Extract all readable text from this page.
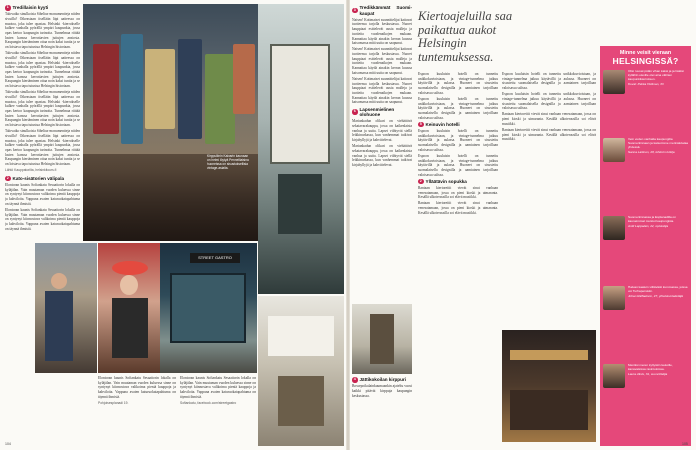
1 Tredillaisin kyyti

Talovatko sinulkoisia Sibelius-monumentteja niiden sivuilla? Oikeastaan itsellään läpi aatteessa on muotoa, joka tulee opastaa. Helsinki -kierrokselle kulkee vanhalla pyörällä ympäri kaupunkia, jossa opas kertoo kaupungin tarinoita. Tunnelmaa riittää lasten kanssa kerrottavien juttujen ansiosta. Kaupungin kiertäminen ottaa noin kaksi tuntia ja se on loistava tapa tutustua Helsingin historiaan.

Talovatko sinulkoisia Sibelius-monumentteja niiden sivuilla? Oikeastaan itsellään läpi aatteessa on muotoa, joka tulee opastaa. Helsinki -kierrokselle kulkee vanhalla pyörällä ympäri kaupunkia, jossa opas kertoo kaupungin tarinoita. Tunnelmaa riittää lasten kanssa kerrottavien juttujen ansiosta. Kaupungin kiertäminen ottaa noin kaksi tuntia ja se on loistava tapa tutustua Helsingin historiaan.

Talovatko sinulkoisia Sibelius-monumentteja niiden sivuilla? Oikeastaan itsellään läpi aatteessa on muotoa, joka tulee opastaa. Helsinki -kierrokselle kulkee vanhalla pyörällä ympäri kaupunkia, jossa opas kertoo kaupungin tarinoita. Tunnelmaa riittää lasten kanssa kerrottavien juttujen ansiosta. Kaupungin kiertäminen ottaa noin kaksi tuntia ja se on loistava tapa tutustua Helsingin historiaan.

Talovatko sinulkoisia Sibelius-monumentteja niiden sivuilla? Oikeastaan itsellään läpi aatteessa on muotoa, joka tulee opastaa. Helsinki -kierrokselle kulkee vanhalla pyörällä ympäri kaupunkia, jossa opas kertoo kaupungin tarinoita. Tunnelmaa riittää lasten kanssa kerrottavien juttujen ansiosta. Kaupungin kiertäminen ottaa noin kaksi tuntia ja se on loistava tapa tutustua Helsingin historiaan.

Lähtö Kauppatorilta, helsinkitours.fi
2 Kato-sisätorien välipala

Elontoran kaunis Sofiankatu Sesaattorin lokalla on kyläjälan. Vain muutaman vuoden kuluessa sinne on syntynyt kiinnostava valikoima pieniä kauppoja ja kahviloita. Vappuna avaten katuruokatapahtuma on täynnä ihmisiä.

Elontoran kaunis Sofiankatu Sesaattorin lokalla on kyläjälan. Vain muutaman vuoden kuluessa sinne on syntynyt kiinnostava valikoima pieniä kauppoja ja kahviloita. Vappuna avaten katuruokatapahtuma on täynnä ihmisiä.

Kirppuliinin Kaivarin kaunaan on helmi löytyä Pennelliaisina huoneissa on sisustuksellisia vintage-asiaita.
STREET GASTRO

Elontoran kaunis Sofiankatu Sesaattorin lokalla on kyläjälan. Vain muutaman vuoden kuluessa sinne on syntynyt kiinnostava valikoima pieniä kauppoja ja kahviloita. Vappuna avaten katuruokatapahtuma on täynnä ihmisiä.

Pohjoisesplanadi 19.

Elontoran kaunis Sofiankatu Sesaattorin lokalla on kyläjälan. Vain muutaman vuoden kuluessa sinne on syntynyt kiinnostava valikoima pieniä kauppoja ja kahviloita. Vappuna avaten katuruokatapahtuma on täynnä ihmisiä.

Sofiankatu, facebook.com/streetgastro
104
3 Tredikkämmät Suomi-kaupat

Naisen! Kotimaiset suunnittelijat kattavat tuotteensa tarjolla keskustassa. Nuoret kauppiaat esittelevät uusia malleja ja tuotteita vuodenaikojen mukaan. Kannattaa käydä ainakin kerran kuussa katsomassa mitä uutta on saapunut.

Naisen! Kotimaiset suunnittelijat kattavat tuotteensa tarjolla keskustassa. Nuoret kauppiaat esittelevät uusia malleja ja tuotteita vuodenaikojen mukaan. Kannattaa käydä ainakin kerran kuussa katsomassa mitä uutta on saapunut.

Naisen! Kotimaiset suunnittelijat kattavat tuotteensa tarjolla keskustassa. Nuoret kauppiaat esittelevät uusia malleja ja tuotteita vuodenaikojen mukaan. Kannattaa käydä ainakin kerran kuussa katsomassa mitä uutta on saapunut.

6 Lapsenmielinen olohuone

Mariankadun olikari on viehättävä sekatavarakauppa, jossa on kaikenlaista vanhaa ja uutta. Lapset viihtyvät siellä leikkinurkassa, kun vanhemmat tutkivat kirjahyllyjä ja kahvittelevat.

Mariankadun olikari on viehättävä sekatavarakauppa, jossa on kaikenlaista vanhaa ja uutta. Lapset viihtyvät siellä leikkinurkassa, kun vanhemmat tutkivat kirjahyllyjä ja kahvittelevat.

4 Jättikokoilan kirppuri

Bossepoikalainkuumaankin ajateltu vuosi kaikki pitävät kirppuja kaupungin keskustassa.

Kiertoajeluilla saa paikattua aukot Helsingin tuntemuksessa.

Espoon kuuluisin hotelli on tunnettu unikkokuvioistaan, ja vintage-tunnelma jatkuu käytävillä ja aulassa. Huoneet on sisustettu suomalaisella designilla ja aamiainen tarjoillaan valoisassa salissa.

Espoon kuuluisin hotelli on tunnettu unikkokuvioistaan, ja vintage-tunnelma jatkuu käytävillä ja aulassa. Huoneet on sisustettu suomalaisella designilla ja aamiainen tarjoillaan valoisassa salissa.

5 Keinuvin hotelli

Espoon kuuluisin hotelli on tunnettu unikkokuvioistaan, ja vintage-tunnelma jatkuu käytävillä ja aulassa. Huoneet on sisustettu suomalaisella designilla ja aamiainen tarjoillaan valoisassa salissa.

Espoon kuuluisin hotelli on tunnettu unikkokuvioistaan, ja vintage-tunnelma jatkuu käytävillä ja aulassa. Huoneet on sisustettu suomalaisella designilla ja aamiainen tarjoillaan valoisassa salissa.

2 Ylläätävin sopukka

Rantaan kiertoreitit vievät sinut vanhaan venesatamaan, jossa on pieni kioski ja uimaranta. Kesällä ulkoterassilla soi elävä musiikki.

Rantaan kiertoreitit vievät sinut vanhaan venesatamaan, jossa on pieni kioski ja uimaranta. Kesällä ulkoterassilla soi elävä musiikki.

Espoon kuuluisin hotelli on tunnettu unikkokuvioistaan, ja vintage-tunnelma jatkuu käytävillä ja aulassa. Huoneet on sisustettu suomalaisella designilla ja aamiainen tarjoillaan valoisassa salissa.

Espoon kuuluisin hotelli on tunnettu unikkokuvioistaan, ja vintage-tunnelma jatkuu käytävillä ja aulassa. Huoneet on sisustettu suomalaisella designilla ja aamiainen tarjoillaan valoisassa salissa.

Rantaan kiertoreitit vievät sinut vanhaan venesatamaan, jossa on pieni kioski ja uimaranta. Kesällä ulkoterassilla soi elävä musiikki.

Rantaan kiertoreitit vievät sinut vanhaan venesatamaan, jossa on pieni kioski ja uimaranta. Kesällä ulkoterassilla soi elävä musiikki.

Minne veisit vieraan
HELSINGISSÄ?
Olisi ruuvat pidän vihan kaksi ja ja lisäksi kyllähin oleville olet aina vähiten kaupunkikierroksen.
Kuvat: Pekka Hellman, 33
Vein veden vanhalta kaupungilta Suomenlinnaan ja katsoimme merinäköalaa yhdessä.
Sanna Laitinen, 28, lehtorin tutkija
Suomenlinnassa ja Esplanadilla on kauneimmat muistot kaupungista.
Antti Lappalain, 22, opiskelija
Haluan kaatuin viiltävästi kummassa, joissa voi Turhapersisiin.
Johan Raffaelson, 47, yhteiskuntatietäjä
Meniksi meren kyltyisiin lautoille, kanavaisissa ravintoloissa.
Laura Jänis, 31, suunnittelija
105
